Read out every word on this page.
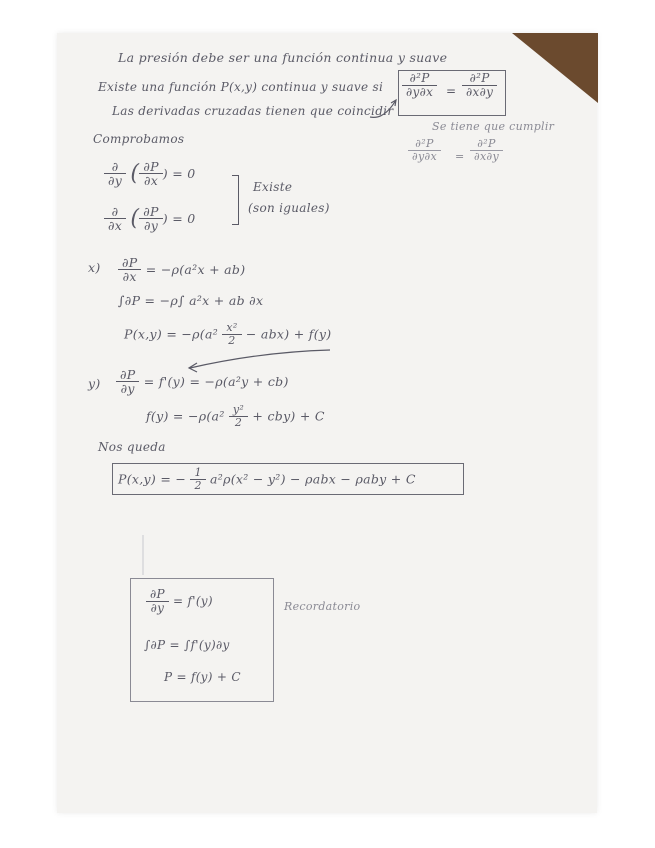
La presión debe ser una función continua y suave
Existe una función P(x,y) continua y suave si
Las derivadas cruzadas tienen que coincidir
$\frac{\text{∂²P}}{\partial y\partial x} = \frac{\text{∂²P}}{\partial x\partial y}$
Se tiene que cumplir
$\frac{\text{∂²P}}{\partial y\partial x} = \frac{\text{∂²P}}{\partial x\partial y}$
Comprobamos
$\frac{\partial}{\partial y}$ ( $\frac{\partial P}{\partial x}$ ) = 0
$\frac{\partial}{\partial x}$ ( $\frac{\partial P}{\partial y}$ ) = 0
Existe
(son iguales)
$x) \frac{\partial P}{\partial x} = -\rho(a^2x + ab)$
∫∂P = −ρ∫ a²x + ab ∂x
$P(x,y) = -\rho(a^2 \frac{\text{x²}}{2} - abx) + f(y)$
$y) \frac{\partial P}{\partial y} = f'(y) = -\rho(a^2y + cb)$
$f(y) = -\rho(a^2 \frac{\text{y²}}{2} + cby) + C$
Nos queda
P(x,y) = − $\frac{1}{2} a^2\rho(x^2 - y^2) - \rho abx - \rho aby + C$
$\frac{\partial P}{\partial y} = f'(y)$
∫∂P = ∫f'(y)∂y
P = f(y) + C
Recordatorio
